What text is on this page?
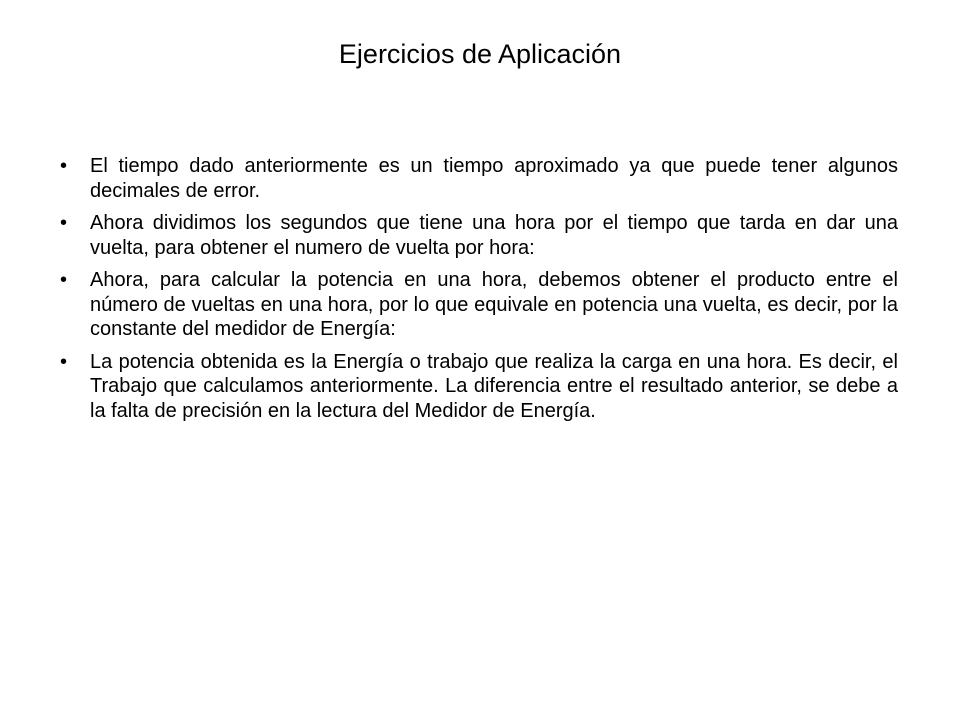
Ejercicios de Aplicación
•	El tiempo dado anteriormente es un tiempo aproximado ya que puede tener algunos decimales de error.
•	Ahora dividimos los segundos que tiene una hora por el tiempo que tarda en dar una vuelta, para obtener el numero de vuelta por hora:
•	Ahora, para calcular la potencia en una hora, debemos obtener el producto entre el número de vueltas en una hora, por lo que equivale en potencia una vuelta, es decir, por la constante del medidor de Energía:
•	La potencia obtenida es la Energía o trabajo que realiza la carga en una hora. Es decir, el Trabajo que calculamos anteriormente. La diferencia entre el resultado anterior, se debe a la falta de precisión en la lectura del Medidor de Energía.
